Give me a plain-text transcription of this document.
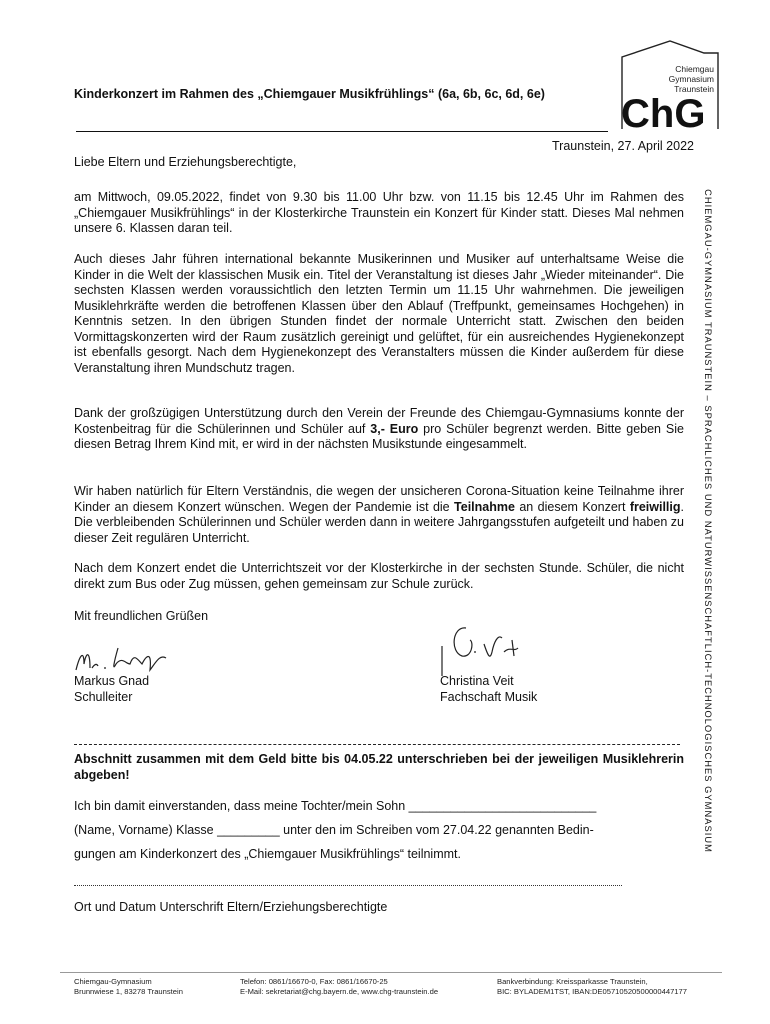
Kinderkonzert im Rahmen des „Chiemgauer Musikfrühlings“ (6a, 6b, 6c, 6d, 6e)
Chiemgau
Gymnasium
Traunstein
ChG
Traunstein, 27. April 2022
CHIEMGAU-GYMNASIUM TRAUNSTEIN – SPRACHLICHES UND NATURWISSENSCHAFTLICH-TECHNOLOGISCHES GYMNASIUM
Liebe Eltern und Erziehungsberechtigte,
am Mittwoch, 09.05.2022, findet von 9.30 bis 11.00 Uhr bzw. von 11.15 bis 12.45 Uhr im Rahmen des „Chiemgauer Musikfrühlings“ in der Klosterkirche Traunstein ein Konzert für Kinder statt. Dieses Mal nehmen unsere 6. Klassen daran teil.
Auch dieses Jahr führen international bekannte Musikerinnen und Musiker auf unterhaltsame Weise die Kinder in die Welt der klassischen Musik ein. Titel der Veranstaltung ist dieses Jahr „Wieder miteinander“. Die sechsten Klassen werden voraussichtlich den letzten Termin um 11.15 Uhr wahrnehmen. Die jeweiligen Musiklehrkräfte werden die betroffenen Klassen über den Ablauf (Treffpunkt, gemeinsames Hochgehen) in Kenntnis setzen. In den übrigen Stunden findet der normale Unterricht statt. Zwischen den beiden Vormittagskonzerten wird der Raum zusätzlich gereinigt und gelüftet, für ein ausreichendes Hygienekonzept ist ebenfalls gesorgt. Nach dem Hygienekonzept des Veranstalters müssen die Kinder außerdem für diese Veranstaltung ihren Mundschutz tragen.
Dank der großzügigen Unterstützung durch den Verein der Freunde des Chiemgau-Gymnasiums konnte der Kostenbeitrag für die Schülerinnen und Schüler auf 3,- Euro pro Schüler begrenzt werden. Bitte geben Sie diesen Betrag Ihrem Kind mit, er wird in der nächsten Musikstunde eingesammelt.
Wir haben natürlich für Eltern Verständnis, die wegen der unsicheren Corona-Situation keine Teilnahme ihrer Kinder an diesem Konzert wünschen. Wegen der Pandemie ist die Teilnahme an diesem Konzert freiwillig. Die verbleibenden Schülerinnen und Schüler werden dann in weitere Jahrgangsstufen aufgeteilt und haben zu dieser Zeit regulären Unterricht.
Nach dem Konzert endet die Unterrichtszeit vor der Klosterkirche in der sechsten Stunde. Schüler, die nicht direkt zum Bus oder Zug müssen, gehen gemeinsam zur Schule zurück.
Mit freundlichen Grüßen
Markus Gnad
Schulleiter
Christina Veit
Fachschaft Musik
Abschnitt zusammen mit dem Geld bitte bis 04.05.22 unterschrieben bei der jeweiligen Musiklehrerin abgeben!
Ich bin damit einverstanden, dass meine Tochter/mein Sohn ___________________________
(Name, Vorname) Klasse _________ unter den im Schreiben vom 27.04.22 genannten Bedin-
gungen am Kinderkonzert des „Chiemgauer Musikfrühlings“ teilnimmt.
Ort und Datum Unterschrift Eltern/Erziehungsberechtigte
Chiemgau-Gymnasium
Brunnwiese 1, 83278 Traunstein
Telefon: 0861/16670-0, Fax: 0861/16670-25
E-Mail: sekretariat@chg.bayern.de, www.chg-traunstein.de
Bankverbindung: Kreissparkasse Traunstein,
BIC: BYLADEM1TST, IBAN:DE05710520500000447177
